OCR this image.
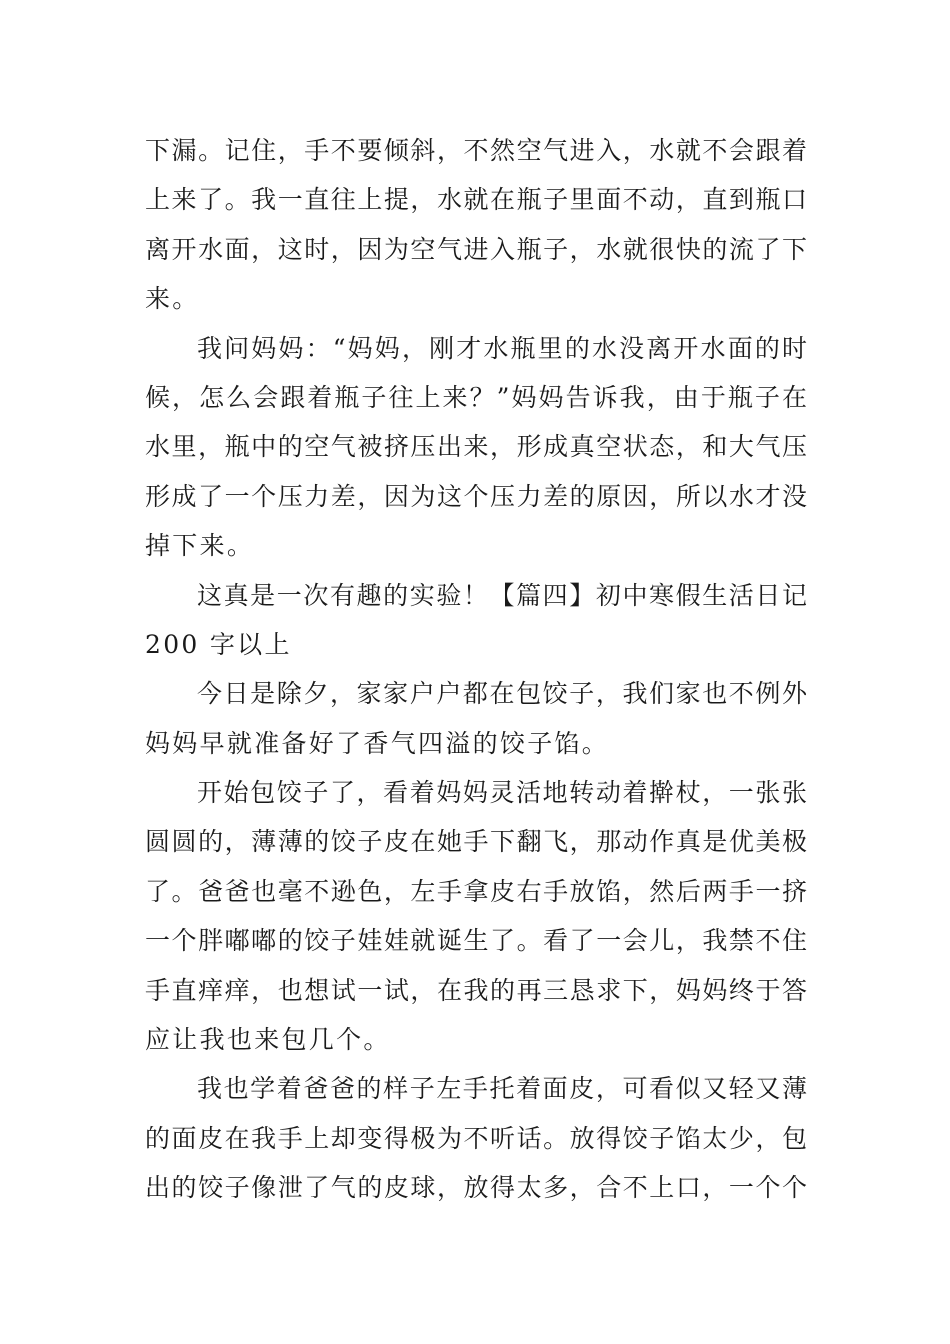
下漏。记住，手不要倾斜，不然空气进入，水就不会跟着
上来了。我一直往上提，水就在瓶子里面不动，直到瓶口
离开水面，这时，因为空气进入瓶子，水就很快的流了下
来。
我问妈妈：“妈妈，刚才水瓶里的水没离开水面的时
候，怎么会跟着瓶子往上来？”妈妈告诉我，由于瓶子在
水里，瓶中的空气被挤压出来，形成真空状态，和大气压
形成了一个压力差，因为这个压力差的原因，所以水才没
掉下来。
这真是一次有趣的实验！【篇四】初中寒假生活日记
200 字以上
今日是除夕，家家户户都在包饺子，我们家也不例外
妈妈早就准备好了香气四溢的饺子馅。
开始包饺子了，看着妈妈灵活地转动着擀杖，一张张
圆圆的，薄薄的饺子皮在她手下翻飞，那动作真是优美极
了。爸爸也毫不逊色，左手拿皮右手放馅，然后两手一挤
一个胖嘟嘟的饺子娃娃就诞生了。看了一会儿，我禁不住
手直痒痒，也想试一试，在我的再三恳求下，妈妈终于答
应让我也来包几个。
我也学着爸爸的样子左手托着面皮，可看似又轻又薄
的面皮在我手上却变得极为不听话。放得饺子馅太少，包
出的饺子像泄了气的皮球，放得太多，合不上口，一个个
